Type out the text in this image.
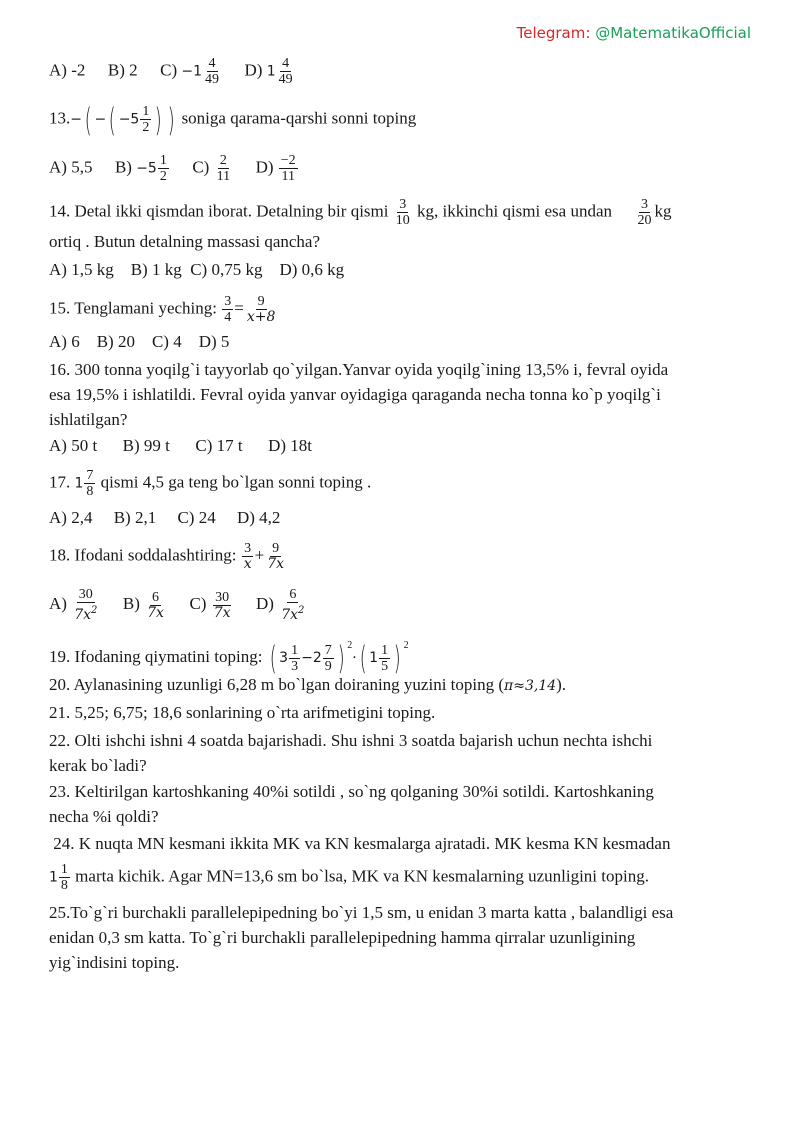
Telegram: @MatematikaOfficial
A) -2 B) 2 $C) -1 \frac{4}{49} D$) $1 \frac{4}{49}$
13.−( −( $-5 \frac{1}{2}$ ) ) soniga qarama-qarshi sonni toping
A) 5,5 $B) -5 \frac{1}{2} C) \frac{2}{11} D) \frac{-2}{11}$
14. Detal ikki qismdan iborat. Detalning bir qismi $\frac{3}{10}$ kg, ikkinchi qismi esa undan $\frac{3}{20}$ kg
ortiq . Butun detalning massasi qancha?
A) 1,5 kg    B) 1 kg  C) 0,75 kg    D) 0,6 kg
15. Tenglamani yeching: $\frac{3}{4} = \frac{9}{x+8}$
A) 6    B) 20    C) 4    D) 5
16. 300 tonna yoqilg`i tayyorlab qo`yilgan.Yanvar oyida yoqilg`ining 13,5% i, fevral oyida
esa 19,5% i ishlatildi. Fevral oyida yanvar oyidagiga qaraganda necha tonna ko`p yoqilg`i
ishlatilgan?
A) 50 t      B) 99 t      C) 17 t      D) 18t
17. $1 \frac{7}{8}$ qismi 4,5 ga teng bo`lgan sonni toping .
A) 2,4     B) 2,1     C) 24     D) 4,2
18. Ifodani soddalashtiring: $\frac{3}{x} + \frac{9}{7x}$
$A) \frac{30}{7x^2} B) \frac{6}{7x} C) \frac{30}{7x} D) \frac{6}{7x^2}$
19. Ifodaning qiymatini toping: ( $3 \frac{1}{3} -2 \frac{7}{9}$ ) $^2$·( $1 \frac{1}{5}$ ) $^2$
20. Aylanasining uzunligi 6,28 m bo`lgan doiraning yuzini toping (π≈3,14).
21. 5,25; 6,75; 18,6 sonlarining o`rta arifmetigini toping.
22. Olti ishchi ishni 4 soatda bajarishadi. Shu ishni 3 soatda bajarish uchun nechta ishchi
kerak bo`ladi?
23. Keltirilgan kartoshkaning 40%i sotildi , so`ng qolganing 30%i sotildi. Kartoshkaning
necha %i qoldi?
24. K nuqta MN kesmani ikkita MK va KN kesmalarga ajratadi. MK kesma KN kesmadan
$1 \frac{1}{8}$ marta kichik. Agar MN=13,6 sm bo`lsa, MK va KN kesmalarning uzunligini toping.
25.To`g`ri burchakli parallelepipedning bo`yi 1,5 sm, u enidan 3 marta katta , balandligi esa
enidan 0,3 sm katta. To`g`ri burchakli parallelepipedning hamma qirralar uzunligining
yig`indisini toping.
